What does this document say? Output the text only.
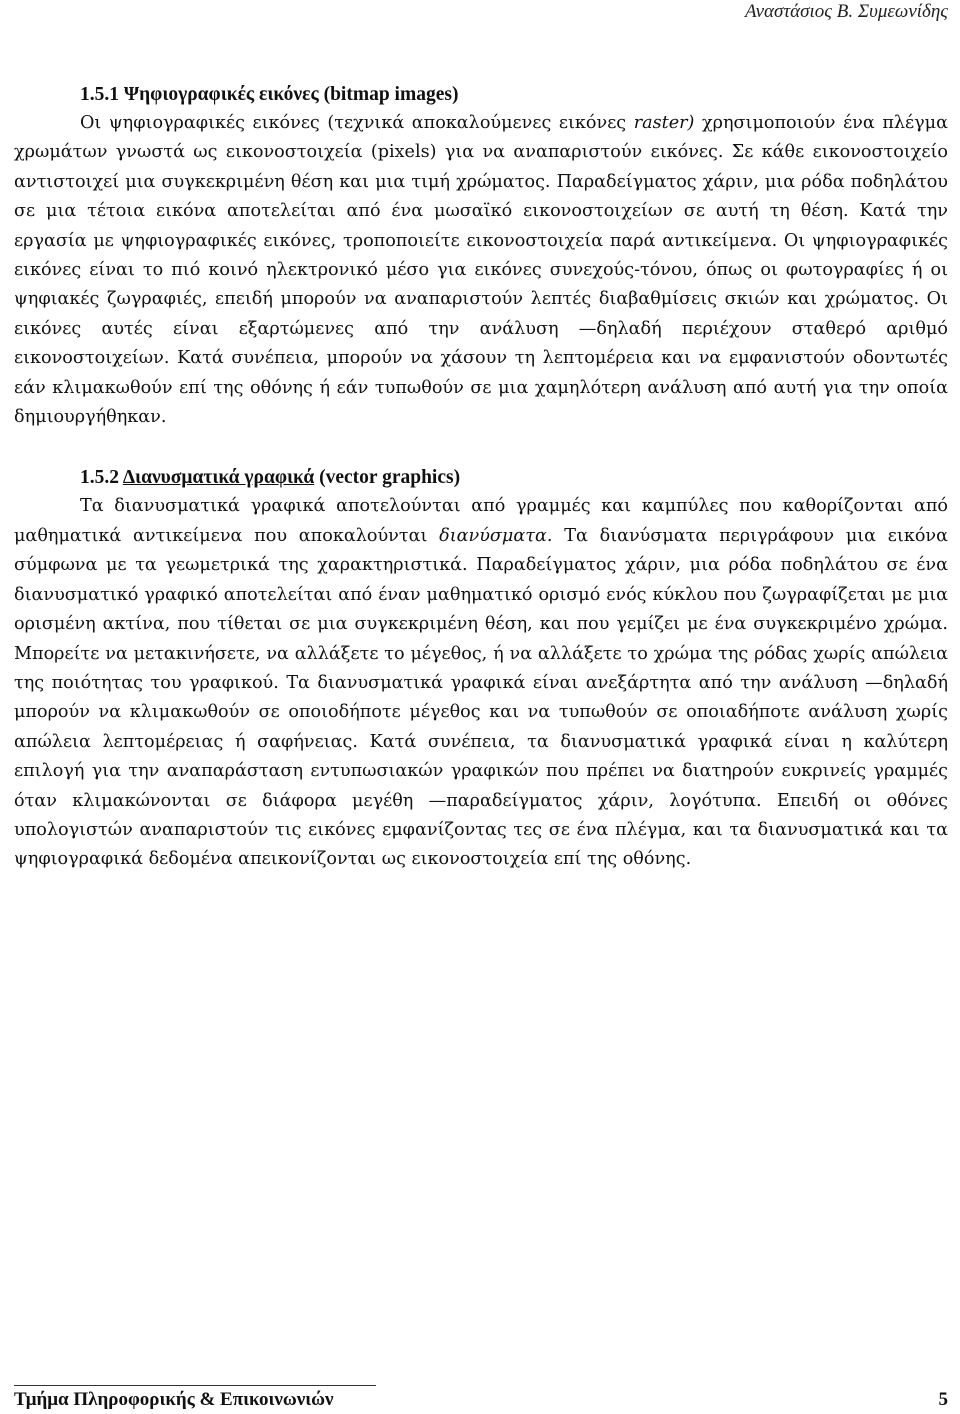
Αναστάσιος Β. Συμεωνίδης
1.5.1 Ψηφιογραφικές εικόνες (bitmap images)

Οι ψηφιογραφικές εικόνες (τεχνικά αποκαλούμενες εικόνες raster) χρησιμοποιούν ένα πλέγμα χρωμάτων γνωστά ως εικονοστοιχεία (pixels) για να αναπαριστούν εικόνες. Σε κάθε εικονοστοιχείο αντιστοιχεί μια συγκεκριμένη θέση και μια τιμή χρώματος. Παραδείγματος χάριν, μια ρόδα ποδηλάτου σε μια τέτοια εικόνα αποτελείται από ένα μωσαϊκό εικονοστοιχείων σε αυτή τη θέση. Κατά την εργασία με ψηφιογραφικές εικόνες, τροποποιείτε εικονοστοιχεία παρά αντικείμενα. Οι ψηφιογραφικές εικόνες είναι το πιό κοινό ηλεκτρονικό μέσο για εικόνες συνεχούς-τόνου, όπως οι φωτογραφίες ή οι ψηφιακές ζωγραφιές, επειδή μπορούν να αναπαριστούν λεπτές διαβαθμίσεις σκιών και χρώματος. Οι εικόνες αυτές είναι εξαρτώμενες από την ανάλυση —δηλαδή περιέχουν σταθερό αριθμό εικονοστοιχείων. Κατά συνέπεια, μπορούν να χάσουν τη λεπτομέρεια και να εμφανιστούν οδοντωτές εάν κλιμακωθούν επί της οθόνης ή εάν τυπωθούν σε μια χαμηλότερη ανάλυση από αυτή για την οποία δημιουργήθηκαν.

1.5.2 Διανυσματικά γραφικά (vector graphics)

Τα διανυσματικά γραφικά αποτελούνται από γραμμές και καμπύλες που καθορίζονται από μαθηματικά αντικείμενα που αποκαλούνται διανύσματα. Τα διανύσματα περιγράφουν μια εικόνα σύμφωνα με τα γεωμετρικά της χαρακτηριστικά. Παραδείγματος χάριν, μια ρόδα ποδηλάτου σε ένα διανυσματικό γραφικό αποτελείται από έναν μαθηματικό ορισμό ενός κύκλου που ζωγραφίζεται με μια ορισμένη ακτίνα, που τίθεται σε μια συγκεκριμένη θέση, και που γεμίζει με ένα συγκεκριμένο χρώμα. Μπορείτε να μετακινήσετε, να αλλάξετε το μέγεθος, ή να αλλάξετε το χρώμα της ρόδας χωρίς απώλεια της ποιότητας του γραφικού. Τα διανυσματικά γραφικά είναι ανεξάρτητα από την ανάλυση —δηλαδή μπορούν να κλιμακωθούν σε οποιοδήποτε μέγεθος και να τυπωθούν σε οποιαδήποτε ανάλυση χωρίς απώλεια λεπτομέρειας ή σαφήνειας. Κατά συνέπεια, τα διανυσματικά γραφικά είναι η καλύτερη επιλογή για την αναπαράσταση εντυπωσιακών γραφικών που πρέπει να διατηρούν ευκρινείς γραμμές όταν κλιμακώνονται σε διάφορα μεγέθη —παραδείγματος χάριν, λογότυπα. Επειδή οι οθόνες υπολογιστών αναπαριστούν τις εικόνες εμφανίζοντας τες σε ένα πλέγμα, και τα διανυσματικά και τα ψηφιογραφικά δεδομένα απεικονίζονται ως εικονοστοιχεία επί της οθόνης.

Τμήμα Πληροφορικής & Επικοινωνιών	5
